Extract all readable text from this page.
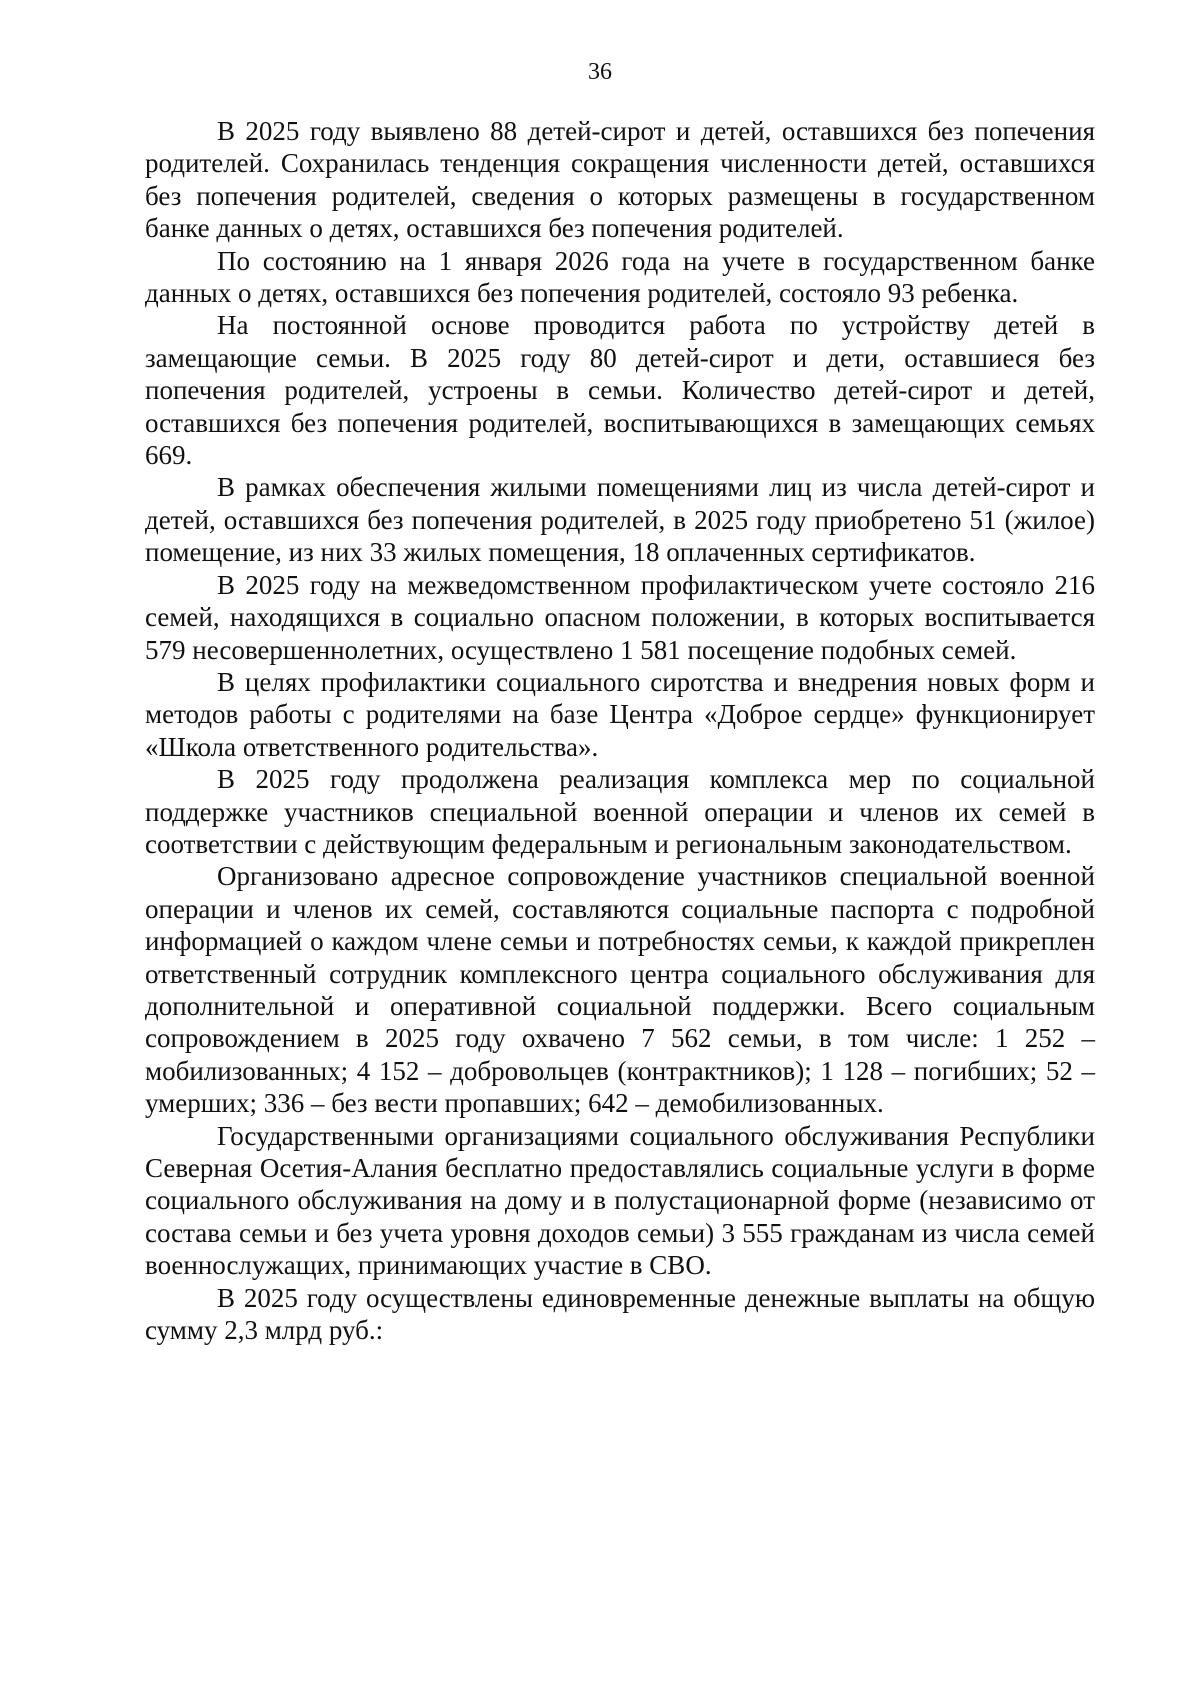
36

В 2025 году выявлено 88 детей-сирот и детей, оставшихся без попечения родителей. Сохранилась тенденция сокращения численности детей, оставшихся без попечения родителей, сведения о которых размещены в государственном банке данных о детях, оставшихся без попечения родителей.

По состоянию на 1 января 2026 года на учете в государственном банке данных о детях, оставшихся без попечения родителей, состояло 93 ребенка.

На постоянной основе проводится работа по устройству детей в замещающие семьи. В 2025 году 80 детей-сирот и дети, оставшиеся без попечения родителей, устроены в семьи. Количество детей-сирот и детей, оставшихся без попечения родителей, воспитывающихся в замещающих семьях 669.

В рамках обеспечения жилыми помещениями лиц из числа детей-сирот и детей, оставшихся без попечения родителей, в 2025 году приобретено 51 (жилое) помещение, из них 33 жилых помещения, 18 оплаченных сертификатов.

В 2025 году на межведомственном профилактическом учете состояло 216 семей, находящихся в социально опасном положении, в которых воспитывается 579 несовершеннолетних, осуществлено 1 581 посещение подобных семей.

В целях профилактики социального сиротства и внедрения новых форм и методов работы с родителями на базе Центра «Доброе сердце» функционирует «Школа ответственного родительства».

В 2025 году продолжена реализация комплекса мер по социальной поддержке участников специальной военной операции и членов их семей в соответствии с действующим федеральным и региональным законодательством.

Организовано адресное сопровождение участников специальной военной операции и членов их семей, составляются социальные паспорта с подробной информацией о каждом члене семьи и потребностях семьи, к каждой прикреплен ответственный сотрудник комплексного центра социального обслуживания для дополнительной и оперативной социальной поддержки. Всего социальным сопровождением в 2025 году охвачено 7 562 семьи, в том числе: 1 252 – мобилизованных; 4 152 – добровольцев (контрактников); 1 128 – погибших; 52 – умерших; 336 – без вести пропавших; 642 – демобилизованных.

Государственными организациями социального обслуживания Республики Северная Осетия-Алания бесплатно предоставлялись социальные услуги в форме социального обслуживания на дому и в полустационарной форме (независимо от состава семьи и без учета уровня доходов семьи) 3 555 гражданам из числа семей военнослужащих, принимающих участие в СВО.

В 2025 году осуществлены единовременные денежные выплаты на общую сумму 2,3 млрд руб.:
